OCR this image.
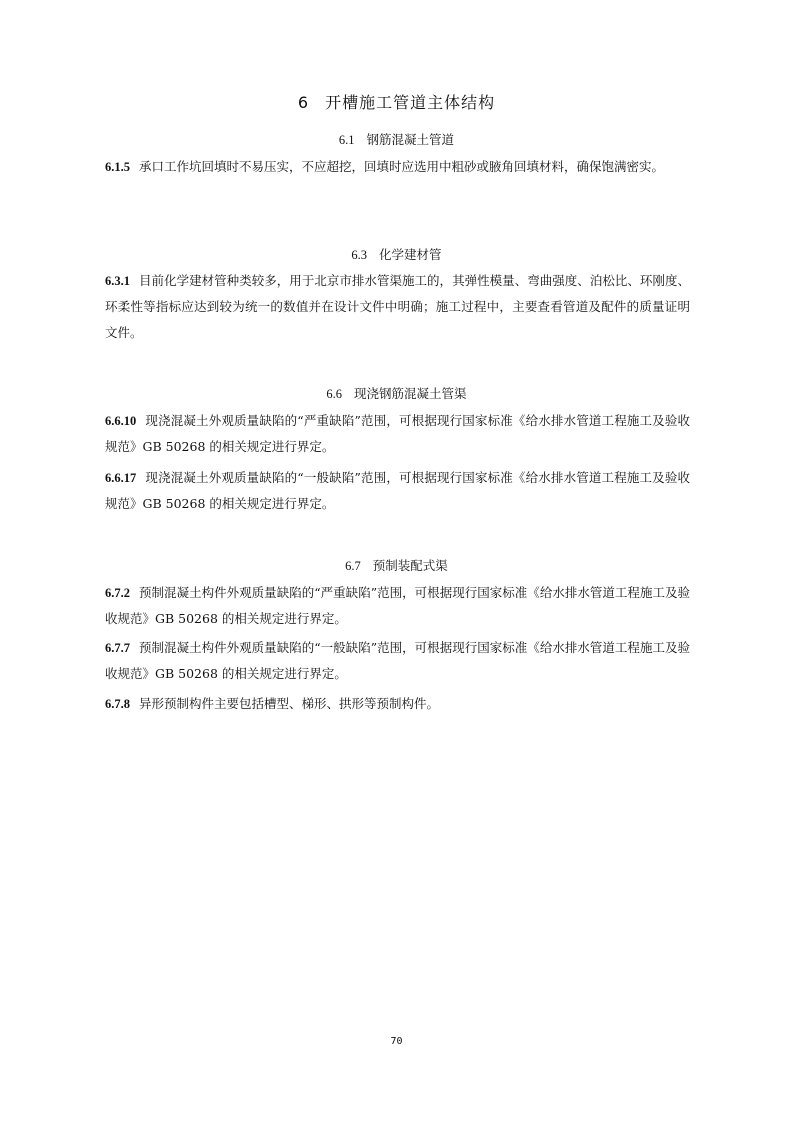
6 开槽施工管道主体结构
6.1 钢筋混凝土管道
6.1.5 承口工作坑回填时不易压实，不应超挖，回填时应选用中粗砂或腋角回填材料，确保饱满密实。
6.3 化学建材管
6.3.1 目前化学建材管种类较多，用于北京市排水管渠施工的，其弹性模量、弯曲强度、泊松比、环刚度、环柔性等指标应达到较为统一的数值并在设计文件中明确；施工过程中，主要查看管道及配件的质量证明文件。
6.6 现浇钢筋混凝土管渠
6.6.10 现浇混凝土外观质量缺陷的“严重缺陷”范围，可根据现行国家标准《给水排水管道工程施工及验收规范》GB 50268 的相关规定进行界定。
6.6.17 现浇混凝土外观质量缺陷的“一般缺陷”范围，可根据现行国家标准《给水排水管道工程施工及验收规范》GB 50268 的相关规定进行界定。
6.7 预制装配式渠
6.7.2 预制混凝土构件外观质量缺陷的“严重缺陷”范围，可根据现行国家标准《给水排水管道工程施工及验收规范》GB 50268 的相关规定进行界定。
6.7.7 预制混凝土构件外观质量缺陷的“一般缺陷”范围，可根据现行国家标准《给水排水管道工程施工及验收规范》GB 50268 的相关规定进行界定。
6.7.8 异形预制构件主要包括槽型、梯形、拱形等预制构件。
70
